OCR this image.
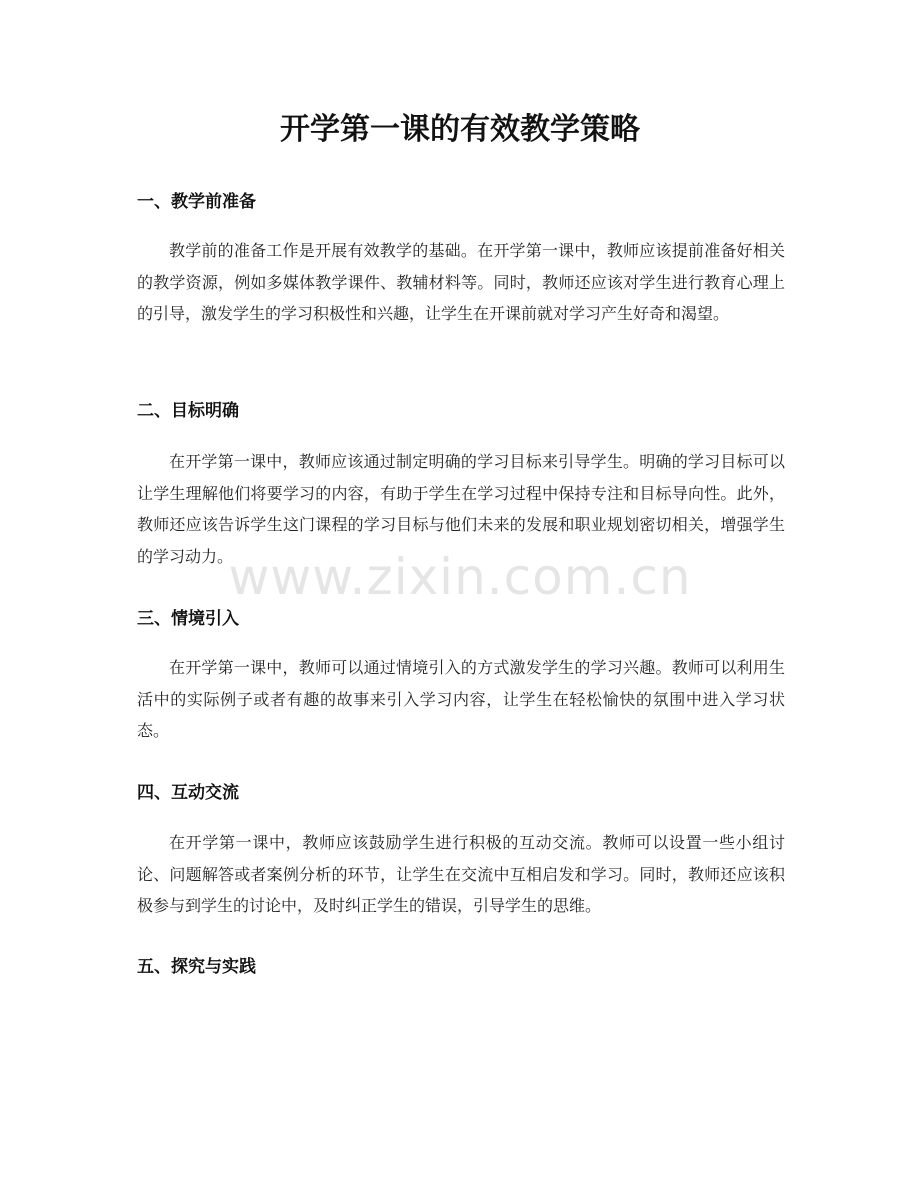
开学第一课的有效教学策略
一、教学前准备

教学前的准备工作是开展有效教学的基础。在开学第一课中，教师应该提前准备好相关的教学资源，例如多媒体教学课件、教辅材料等。同时，教师还应该对学生进行教育心理上的引导，激发学生的学习积极性和兴趣，让学生在开课前就对学习产生好奇和渴望。

二、目标明确

在开学第一课中，教师应该通过制定明确的学习目标来引导学生。明确的学习目标可以让学生理解他们将要学习的内容，有助于学生在学习过程中保持专注和目标导向性。此外，教师还应该告诉学生这门课程的学习目标与他们未来的发展和职业规划密切相关，增强学生的学习动力。

三、情境引入

在开学第一课中，教师可以通过情境引入的方式激发学生的学习兴趣。教师可以利用生活中的实际例子或者有趣的故事来引入学习内容，让学生在轻松愉快的氛围中进入学习状态。

四、互动交流

在开学第一课中，教师应该鼓励学生进行积极的互动交流。教师可以设置一些小组讨论、问题解答或者案例分析的环节，让学生在交流中互相启发和学习。同时，教师还应该积极参与到学生的讨论中，及时纠正学生的错误，引导学生的思维。

五、探究与实践
www.zixin.com.cn
